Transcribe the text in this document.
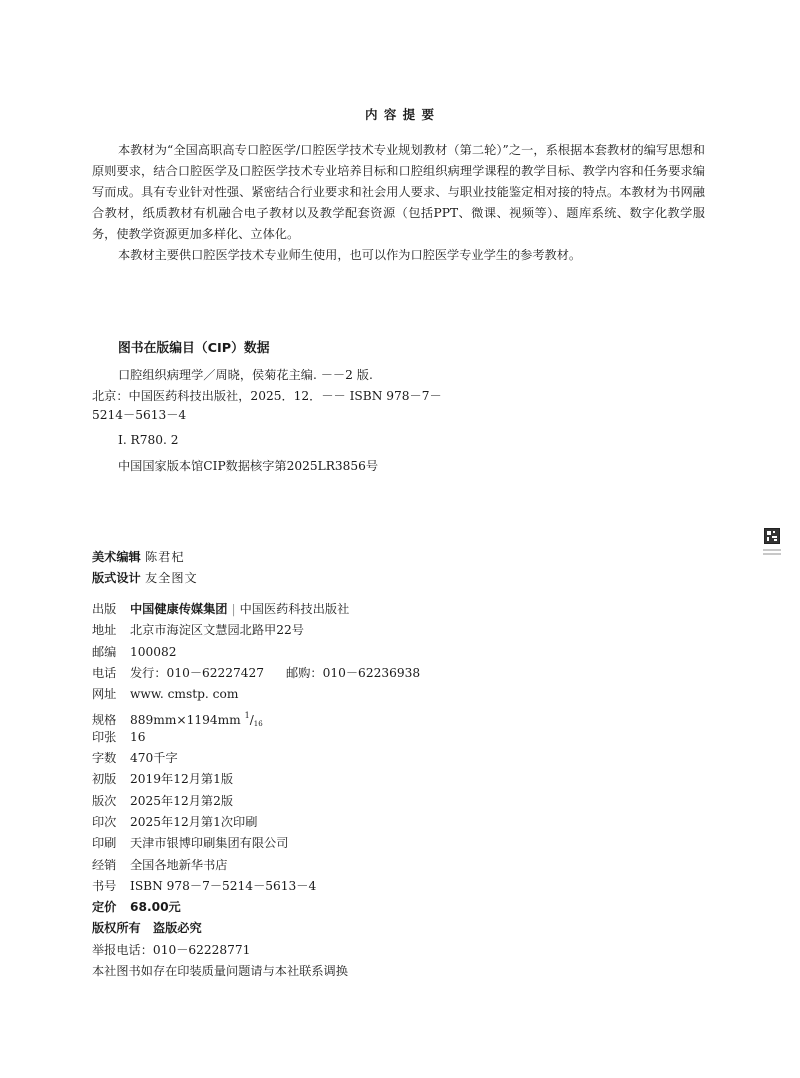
内 容 提 要

本教材为“全国高职高专口腔医学/口腔医学技术专业规划教材（第二轮）”之一，系根据本套教材的编写思想和原则要求，结合口腔医学及口腔医学技术专业培养目标和口腔组织病理学课程的教学目标、教学内容和任务要求编写而成。具有专业针对性强、紧密结合行业要求和社会用人要求、与职业技能鉴定相对接的特点。本教材为书网融合教材，纸质教材有机融合电子教材以及教学配套资源（包括PPT、微课、视频等）、题库系统、数字化教学服务，使教学资源更加多样化、立体化。

本教材主要供口腔医学技术专业师生使用，也可以作为口腔医学专业学生的参考教材。

图书在版编目（CIP）数据
口腔组织病理学／周晓，侯菊花主编. －－2 版.
北京：中国医药科技出版社，2025．12．－－ ISBN 978－7－
5214－5613－4
Ⅰ. R780. 2
中国国家版本馆CIP数据核字第2025LR3856号
美术编辑 陈君杞
版式设计 友全图文
出版 中国健康传媒集团 | 中国医药科技出版社
地址 北京市海淀区文慧园北路甲22号
邮编 100082
电话 发行：010－62227427 邮购：010－62236938
网址 www. cmstp. com
规格 889mm×1194mm $^1/_{16}$
印张 16
字数 470千字
初版 2019年12月第1版
版次 2025年12月第2版
印次 2025年12月第1次印刷
印刷 天津市银博印刷集团有限公司
经销 全国各地新华书店
书号 ISBN 978－7－5214－5613－4
定价 68.00元
版权所有　盗版必究
举报电话：010－62228771
本社图书如存在印装质量问题请与本社联系调换
